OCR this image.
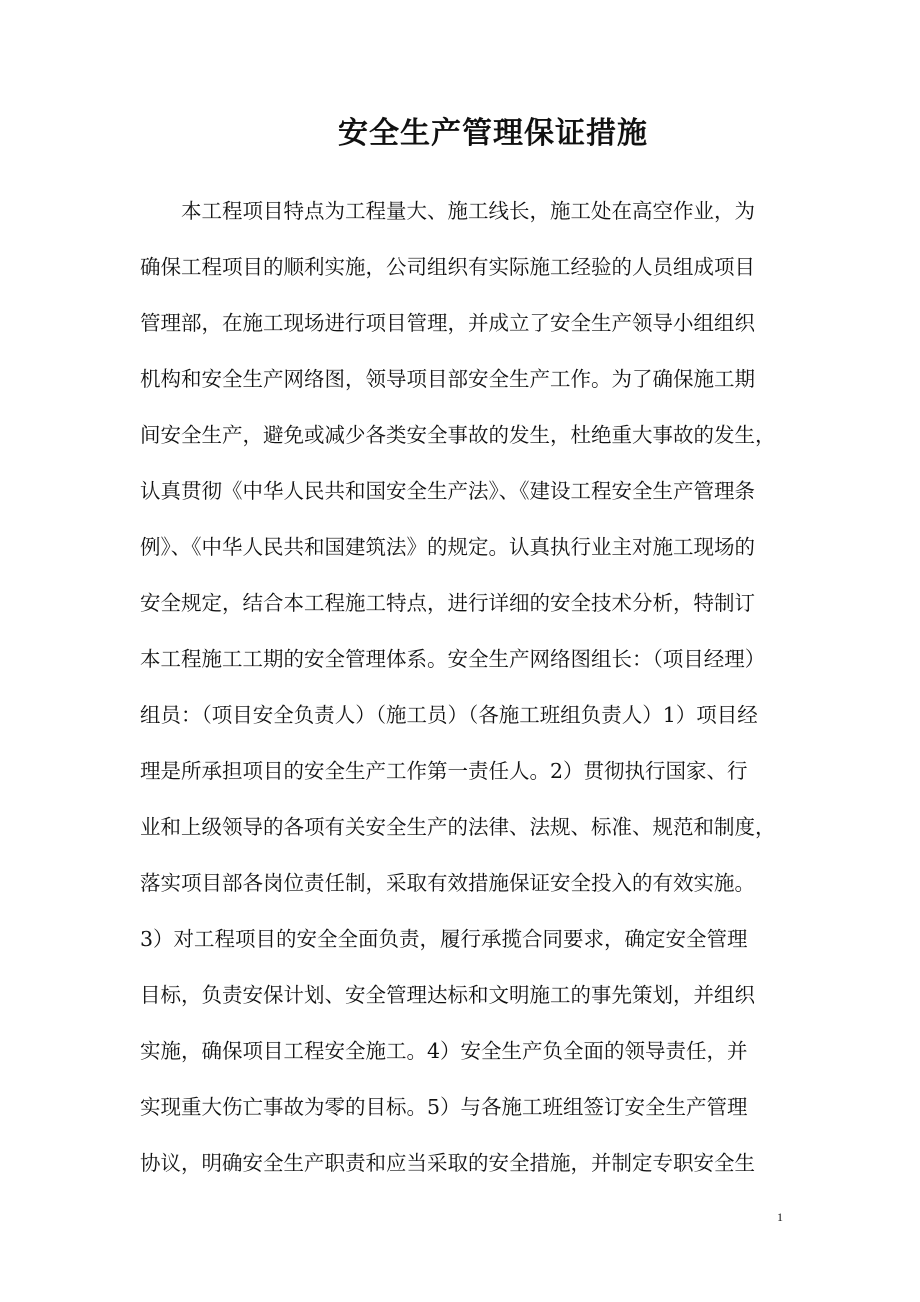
安全生产管理保证措施

　　本工程项目特点为工程量大、施工线长，施工处在高空作业，为

确保工程项目的顺利实施，公司组织有实际施工经验的人员组成项目

管理部，在施工现场进行项目管理，并成立了安全生产领导小组组织

机构和安全生产网络图，领导项目部安全生产工作。为了确保施工期

间安全生产，避免或减少各类安全事故的发生，杜绝重大事故的发生，

认真贯彻《中华人民共和国安全生产法》、《建设工程安全生产管理条

例》、《中华人民共和国建筑法》的规定。认真执行业主对施工现场的

安全规定，结合本工程施工特点，进行详细的安全技术分析，特制订

本工程施工工期的安全管理体系。安全生产网络图组长：（项目经理）

组员：（项目安全负责人）（施工员）（各施工班组负责人）1）项目经

理是所承担项目的安全生产工作第一责任人。2）贯彻执行国家、行

业和上级领导的各项有关安全生产的法律、法规、标准、规范和制度，

落实项目部各岗位责任制，采取有效措施保证安全投入的有效实施。

3）对工程项目的安全全面负责，履行承揽合同要求，确定安全管理

目标，负责安保计划、安全管理达标和文明施工的事先策划，并组织

实施，确保项目工程安全施工。4）安全生产负全面的领导责任，并

实现重大伤亡事故为零的目标。5）与各施工班组签订安全生产管理

协议，明确安全生产职责和应当采取的安全措施，并制定专职安全生

1
